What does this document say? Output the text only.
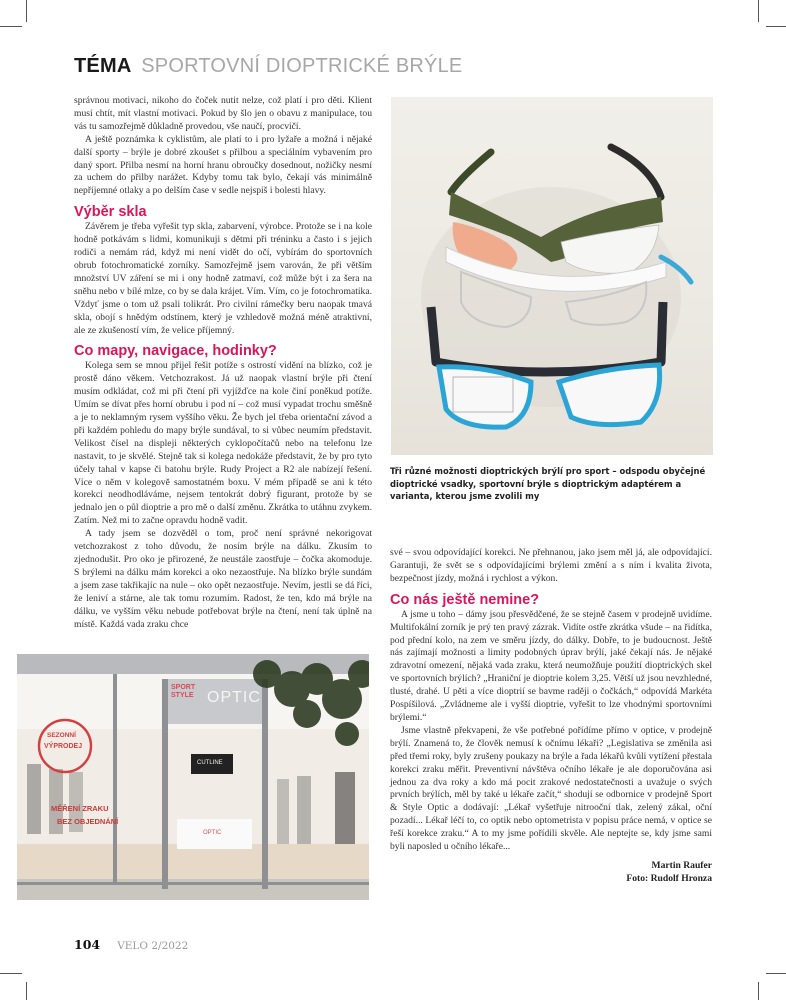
TÉMA SPORTOVNÍ DIOPTRICKÉ BRÝLE

správnou motivaci, nikoho do čoček nutit nelze, což platí i pro děti. Klient musí chtít, mít vlastní motivaci. Pokud by šlo jen o obavu z manipulace, tou vás tu samozřejmě důkladně provedou, vše naučí, procvičí.

A ještě poznámka k cyklistům, ale platí to i pro lyžaře a možná i nějaké další sporty – brýle je dobré zkoušet s přilbou a speciálním vybavením pro daný sport. Přilba nesmí na horní hranu obroučky dosednout, nožičky nesmí za uchem do přilby narážet. Kdyby tomu tak bylo, čekají vás minimálně nepříjemné otlaky a po delším čase v sedle nejspíš i bolesti hlavy.

Výběr skla

Závěrem je třeba vyřešit typ skla, zabarvení, výrobce. Protože se i na kole hodně potkávám s lidmi, komunikuji s dětmi při tréninku a často i s jejich rodiči a nemám rád, když mi není vidět do očí, vybírám do sportovních obrub fotochromatické zorníky. Samozřejmě jsem varován, že při větším množství UV záření se mi i ony hodně zatmaví, což může být i za šera na sněhu nebo v bílé mlze, co by se dala krájet. Vím. Vím, co je fotochromatika. Vždyť jsme o tom už psali tolikrát. Pro civilní rámečky beru naopak tmavá skla, obojí s hnědým odstínem, který je vzhledově možná méně atraktivní, ale ze zkušeností vím, že velice příjemný.

Co mapy, navigace, hodinky?

Kolega sem se mnou přijel řešit potíže s ostrostí vidění na blízko, což je prostě dáno věkem. Vetchozrakost. Já už naopak vlastní brýle při čtení musím odkládat, což mi při čtení při vyjížďce na kole činí poněkud potíže. Umím se dívat přes horní obrubu i pod ní – což musí vypadat trochu směšně a je to neklamným rysem vyššího věku. Že bych jel třeba orientační závod a při každém pohledu do mapy brýle sundával, to si vůbec neumím představit. Velikost čísel na displeji některých cyklopočítačů nebo na telefonu lze nastavit, to je skvělé. Stejně tak si kolega nedokáže představit, že by pro tyto účely tahal v kapse či batohu brýle. Rudy Project a R2 ale nabízejí řešení. Více o něm v kolegově samostatném boxu. V mém případě se ani k této korekci neodhodláváme, nejsem tentokrát dobrý figurant, protože by se jednalo jen o půl dioptrie a pro mě o další změnu. Zkrátka to utáhnu zvykem. Zatím. Než mi to začne opravdu hodně vadit.

A tady jsem se dozvěděl o tom, proč není správné nekorigovat vetchozrakost z toho důvodu, že nosím brýle na dálku. Zkusím to zjednodušit. Pro oko je přirozené, že neustále zaostřuje – čočka akomoduje. S brýlemi na dálku mám korekci a oko nezaostřuje. Na blízko brýle sundám a jsem zase takřikajíc na nule – oko opět nezaostřuje. Nevím, jestli se dá říci, že leniví a stárne, ale tak tomu rozumím. Radost, že ten, kdo má brýle na dálku, ve vyšším věku nebude potřebovat brýle na čtení, není tak úplně na místě. Každá vada zraku chce

Tři různé možnosti dioptrických brýlí pro sport – odspodu obyčejné dioptrické vsadky, sportovní brýle s dioptrickým adaptérem a varianta, kterou jsme zvolili my

své – svou odpovídající korekci. Ne přehnanou, jako jsem měl já, ale odpovídající. Garantuji, že svět se s odpovídajícími brýlemi změní a s ním i kvalita života, bezpečnost jízdy, možná i rychlost a výkon.

Co nás ještě nemine?

A jsme u toho – dámy jsou přesvědčené, že se stejně časem v prodejně uvidíme. Multifokální zorník je prý ten pravý zázrak. Vidíte ostře zkrátka všude – na řidítka, pod přední kolo, na zem ve směru jízdy, do dálky. Dobře, to je budoucnost. Ještě nás zajímají možnosti a limity podobných úprav brýlí, jaké čekají nás. Je nějaké zdravotní omezení, nějaká vada zraku, která neumožňuje použití dioptrických skel ve sportovních brýlích? „Hraniční je dioptrie kolem 3,25. Větší už jsou nevzhledné, tlusté, drahé. U pěti a více dioptrií se bavme raději o čočkách,“ odpovídá Markéta Pospíšilová. „Zvládneme ale i vyšší dioptrie, vyřešit to lze vhodnými sportovními brýlemi.“

Jsme vlastně překvapeni, že vše potřebné pořídíme přímo v optice, v prodejně brýlí. Znamená to, že člověk nemusí k očnímu lékaři? „Legislativa se změnila asi před třemi roky, byly zrušeny poukazy na brýle a řada lékařů kvůli vytížení přestala korekci zraku měřit. Preventivní návštěva očního lékaře je ale doporučována asi jednou za dva roky a kdo má pocit zrakové nedostatečnosti a uvažuje o svých prvních brýlích, měl by také u lékaře začít,“ shodují se odbornice v prodejně Sport & Style Optic a dodávají: „Lékař vyšetřuje nitrooční tlak, zelený zákal, oční pozadí... Lékař léčí to, co optik nebo optometrista v popisu práce nemá, v optice se řeší korekce zraku.“ A to my jsme pořídili skvěle. Ale neptejte se, kdy jsme sami byli naposled u očního lékaře...

Martin Raufer
Foto: Rudolf Hronza
SPORT STYLE OPTIC
SEZONNÍ
VÝPRODEJ
MĚŘENÍ ZRAKU
BEZ OBJEDNÁNÍ
CUTLINE
OPTIC
104 VELO 2/2022
